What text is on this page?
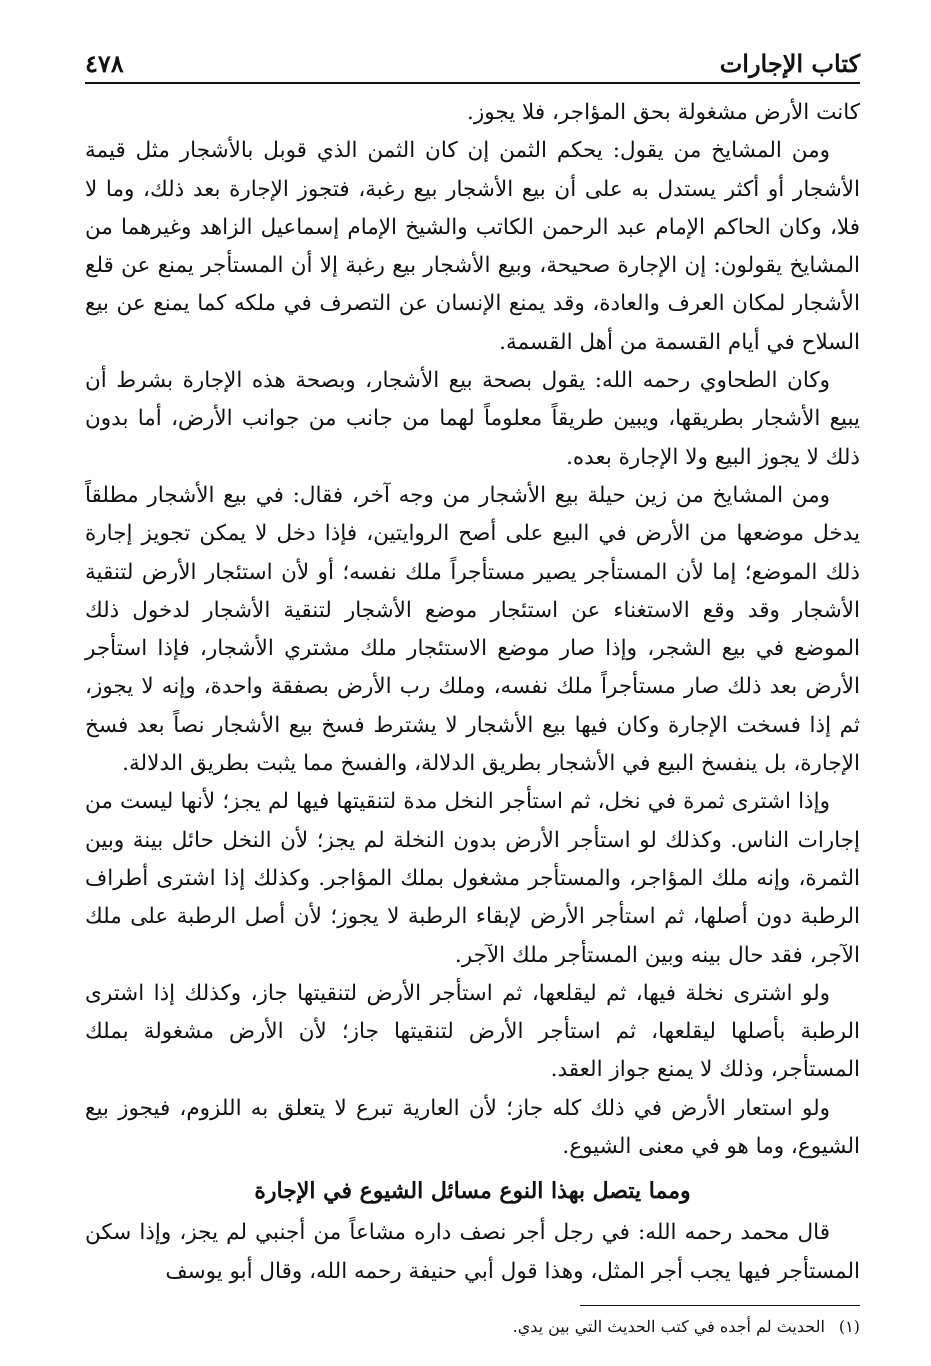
كتاب الإجارات
٤٧٨

كانت الأرض مشغولة بحق المؤاجر، فلا يجوز.

ومن المشايخ من يقول: يحكم الثمن إن كان الثمن الذي قوبل بالأشجار مثل قيمة الأشجار أو أكثر يستدل به على أن بيع الأشجار بيع رغبة، فتجوز الإجارة بعد ذلك، وما لا فلا، وكان الحاكم الإمام عبد الرحمن الكاتب والشيخ الإمام إسماعيل الزاهد وغيرهما من المشايخ يقولون: إن الإجارة صحيحة، وبيع الأشجار بيع رغبة إلا أن المستأجر يمنع عن قلع الأشجار لمكان العرف والعادة، وقد يمنع الإنسان عن التصرف في ملكه كما يمنع عن بيع السلاح في أيام القسمة من أهل القسمة.

وكان الطحاوي رحمه الله: يقول بصحة بيع الأشجار، وبصحة هذه الإجارة بشرط أن يبيع الأشجار بطريقها، ويبين طريقاً معلوماً لهما من جانب من جوانب الأرض، أما بدون ذلك لا يجوز البيع ولا الإجارة بعده.

ومن المشايخ من زين حيلة بيع الأشجار من وجه آخر، فقال: في بيع الأشجار مطلقاً يدخل موضعها من الأرض في البيع على أصح الروايتين، فإذا دخل لا يمكن تجويز إجارة ذلك الموضع؛ إما لأن المستأجر يصير مستأجراً ملك نفسه؛ أو لأن استئجار الأرض لتنقية الأشجار وقد وقع الاستغناء عن استئجار موضع الأشجار لتنقية الأشجار لدخول ذلك الموضع في بيع الشجر، وإذا صار موضع الاستئجار ملك مشتري الأشجار، فإذا استأجر الأرض بعد ذلك صار مستأجراً ملك نفسه، وملك رب الأرض بصفقة واحدة، وإنه لا يجوز، ثم إذا فسخت الإجارة وكان فيها بيع الأشجار لا يشترط فسخ بيع الأشجار نصاً بعد فسخ الإجارة، بل ينفسخ البيع في الأشجار بطريق الدلالة، والفسخ مما يثبت بطريق الدلالة.

وإذا اشترى ثمرة في نخل، ثم استأجر النخل مدة لتنقيتها فيها لم يجز؛ لأنها ليست من إجارات الناس. وكذلك لو استأجر الأرض بدون النخلة لم يجز؛ لأن النخل حائل بينة وبين الثمرة، وإنه ملك المؤاجر، والمستأجر مشغول بملك المؤاجر. وكذلك إذا اشترى أطراف الرطبة دون أصلها، ثم استأجر الأرض لإبقاء الرطبة لا يجوز؛ لأن أصل الرطبة على ملك الآجر، فقد حال بينه وبين المستأجر ملك الآجر.

ولو اشترى نخلة فيها، ثم ليقلعها، ثم استأجر الأرض لتنقيتها جاز، وكذلك إذا اشترى الرطبة بأصلها ليقلعها، ثم استأجر الأرض لتنقيتها جاز؛ لأن الأرض مشغولة بملك المستأجر، وذلك لا يمنع جواز العقد.

ولو استعار الأرض في ذلك كله جاز؛ لأن العارية تبرع لا يتعلق به اللزوم، فيجوز بيع الشيوع، وما هو في معنى الشيوع.

ومما يتصل بهذا النوع مسائل الشيوع في الإجارة

قال محمد رحمه الله: في رجل أجر نصف داره مشاعاً من أجنبي لم يجز، وإذا سكن المستأجر فيها يجب أجر المثل، وهذا قول أبي حنيفة رحمه الله، وقال أبو يوسف

(١)
الحديث لم أجده في كتب الحديث التي بين يدي.
